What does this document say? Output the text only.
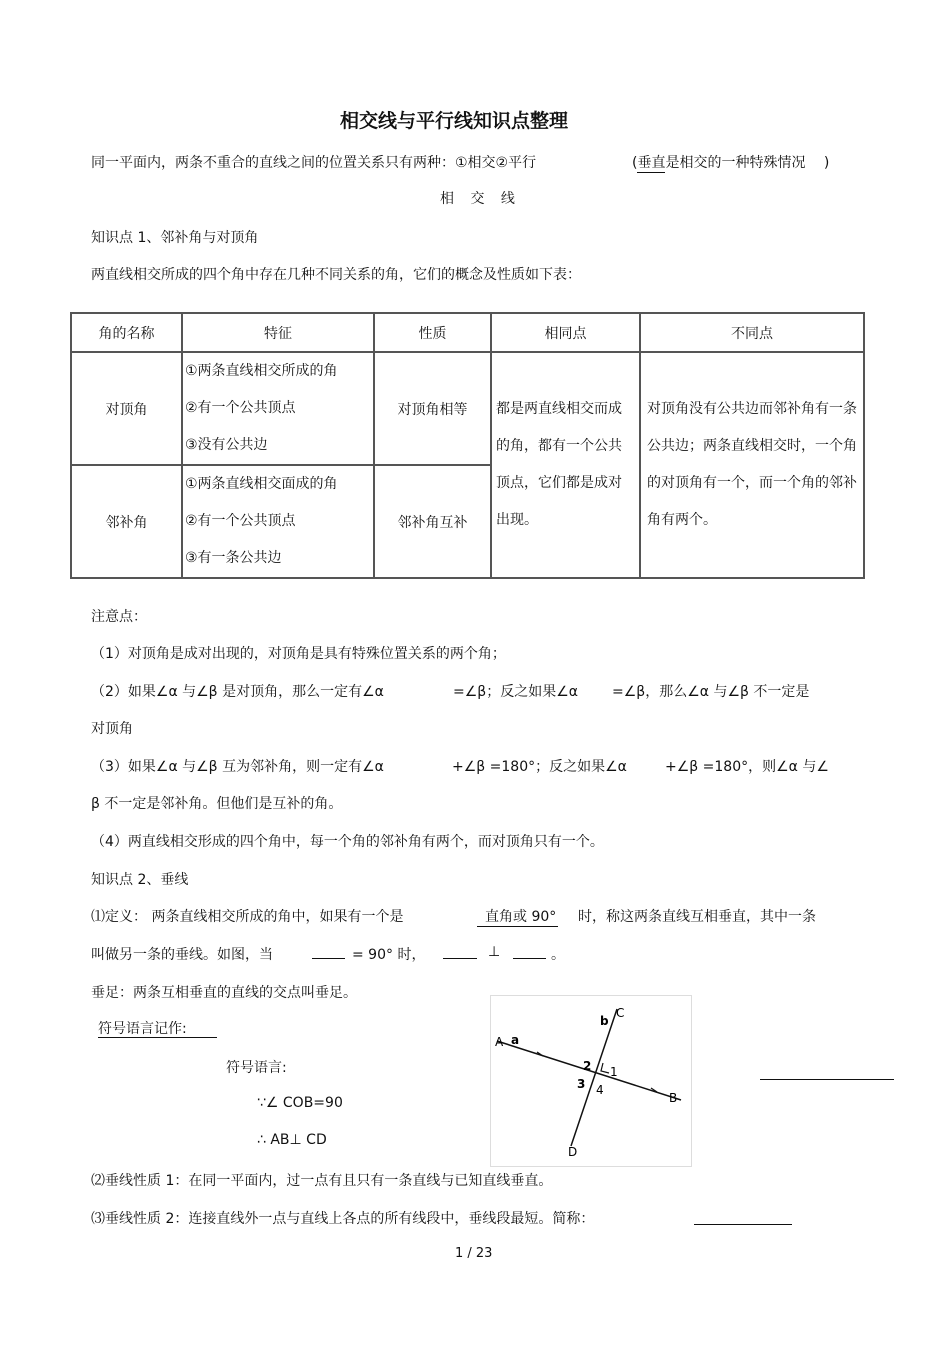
相交线与平行线知识点整理
同一平面内，两条不重合的直线之间的位置关系只有两种：①相交②平行	(垂直是相交的一种特殊情况 )
相 交 线
知识点 1、邻补角与对顶角
两直线相交所成的四个角中存在几种不同关系的角，它们的概念及性质如下表：
角的名称	特征	性质	相同点	不同点
对顶角	①两条直线相交所成的角
②有一个公共顶点
③没有公共边	对顶角相等	都是两直线相交而成的角，都有一个公共顶点，它们都是成对出现。	对顶角没有公共边而邻补角有一条公共边；两条直线相交时，一个角的对顶角有一个，而一个角的邻补角有两个。
邻补角	①两条直线相交面成的角
②有一个公共顶点
③有一条公共边	邻补角互补		
注意点：
（1）对顶角是成对出现的，对顶角是具有特殊位置关系的两个角；
（2）如果∠α 与∠β 是对顶角，那么一定有∠α	=∠β；反之如果∠α =∠β，那么∠α 与∠β 不一定是
对顶角
（3）如果∠α 与∠β 互为邻补角，则一定有∠α	+∠β =180°；反之如果∠α	+∠β =180°，则∠α 与∠
β 不一定是邻补角。但他们是互补的角。
（4）两直线相交形成的四个角中，每一个角的邻补角有两个，而对顶角只有一个。
知识点 2、垂线
⑴定义： 两条直线相交所成的角中，如果有一个是	直角或 90° 时，称这两条直线互相垂直，其中一条
叫做另一条的垂线。如图，当	= 90° 时，	⊥	。
垂足：两条互相垂直的直线的交点叫垂足。
符号语言记作:
符号语言:
∵∠ COB=90
∴ AB⊥ CD
A a
B
b
C
D
1
2
3 4
⑵垂线性质 1：在同一平面内，过一点有且只有一条直线与已知直线垂直。
⑶垂线性质 2：连接直线外一点与直线上各点的所有线段中，垂线段最短。简称：
1 / 23
